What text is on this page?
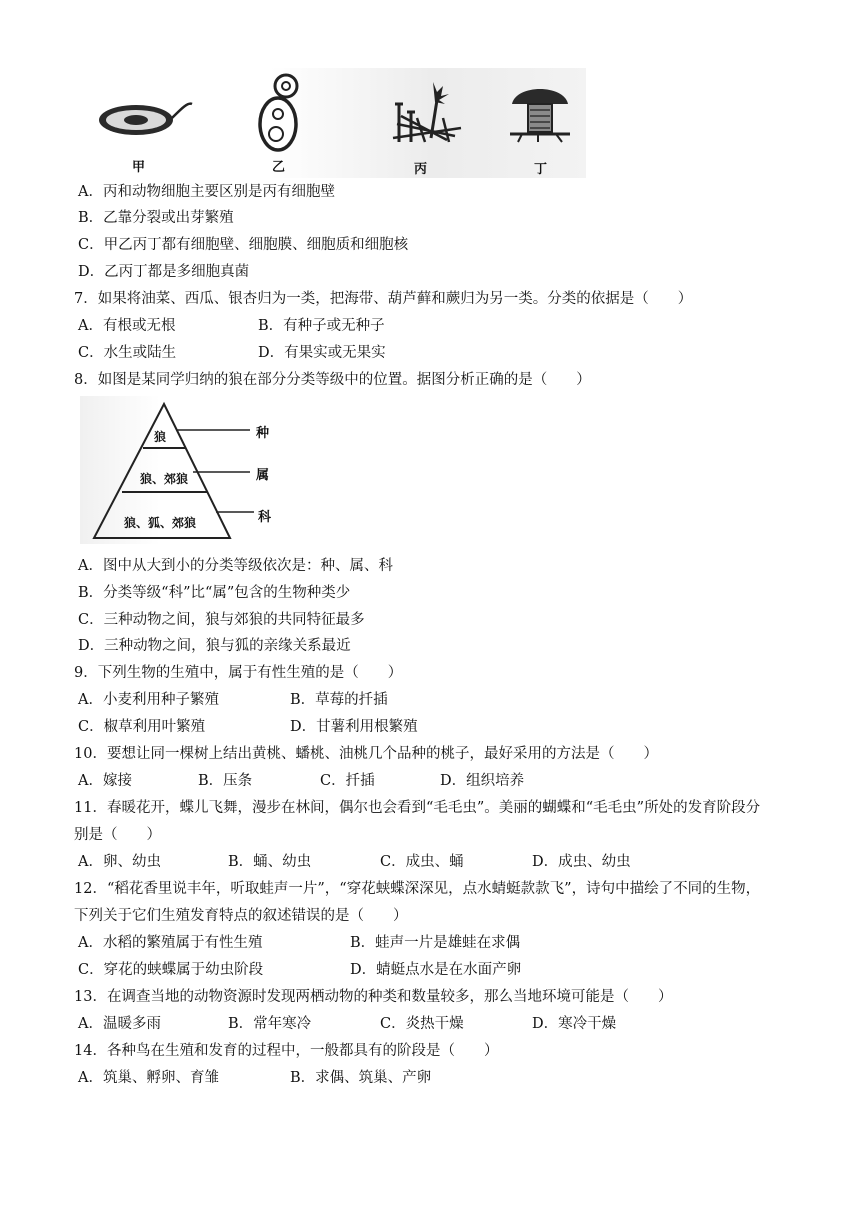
甲	乙	丙	丁
A．丙和动物细胞主要区别是丙有细胞壁
B．乙靠分裂或出芽繁殖
C．甲乙丙丁都有细胞壁、细胞膜、细胞质和细胞核
D．乙丙丁都是多细胞真菌
7．如果将油菜、西瓜、银杏归为一类，把海带、葫芦藓和蕨归为另一类。分类的依据是（　　）
A．有根或无根	B．有种子或无种子
C．水生或陆生	D．有果实或无果实
8．如图是某同学归纳的狼在部分分类等级中的位置。据图分析正确的是（　　）
狼
狼、郊狼
狼、狐、郊狼
种
属
科
A．图中从大到小的分类等级依次是：种、属、科
B．分类等级“科”比“属”包含的生物种类少
C．三种动物之间，狼与郊狼的共同特征最多
D．三种动物之间，狼与狐的亲缘关系最近
9．下列生物的生殖中，属于有性生殖的是（　　）
A．小麦利用种子繁殖	B．草莓的扦插
C．椒草利用叶繁殖	D．甘薯利用根繁殖
10．要想让同一棵树上结出黄桃、蟠桃、油桃几个品种的桃子，最好采用的方法是（　　）
A．嫁接	B．压条	C．扦插	D．组织培养
11．春暖花开，蝶儿飞舞，漫步在林间，偶尔也会看到“毛毛虫”。美丽的蝴蝶和“毛毛虫”所处的发育阶段分
别是（　　）
A．卵、幼虫	B．蛹、幼虫	C．成虫、蛹	D．成虫、幼虫
12．“稻花香里说丰年，听取蛙声一片”，“穿花蛱蝶深深见，点水蜻蜓款款飞”，诗句中描绘了不同的生物，
下列关于它们生殖发育特点的叙述错误的是（　　）
A．水稻的繁殖属于有性生殖	B．蛙声一片是雄蛙在求偶
C．穿花的蛱蝶属于幼虫阶段	D．蜻蜓点水是在水面产卵
13．在调查当地的动物资源时发现两栖动物的种类和数量较多，那么当地环境可能是（　　）
A．温暖多雨	B．常年寒冷	C．炎热干燥	D．寒冷干燥
14．各种鸟在生殖和发育的过程中，一般都具有的阶段是（　　）
A．筑巢、孵卵、育雏	B．求偶、筑巢、产卵
